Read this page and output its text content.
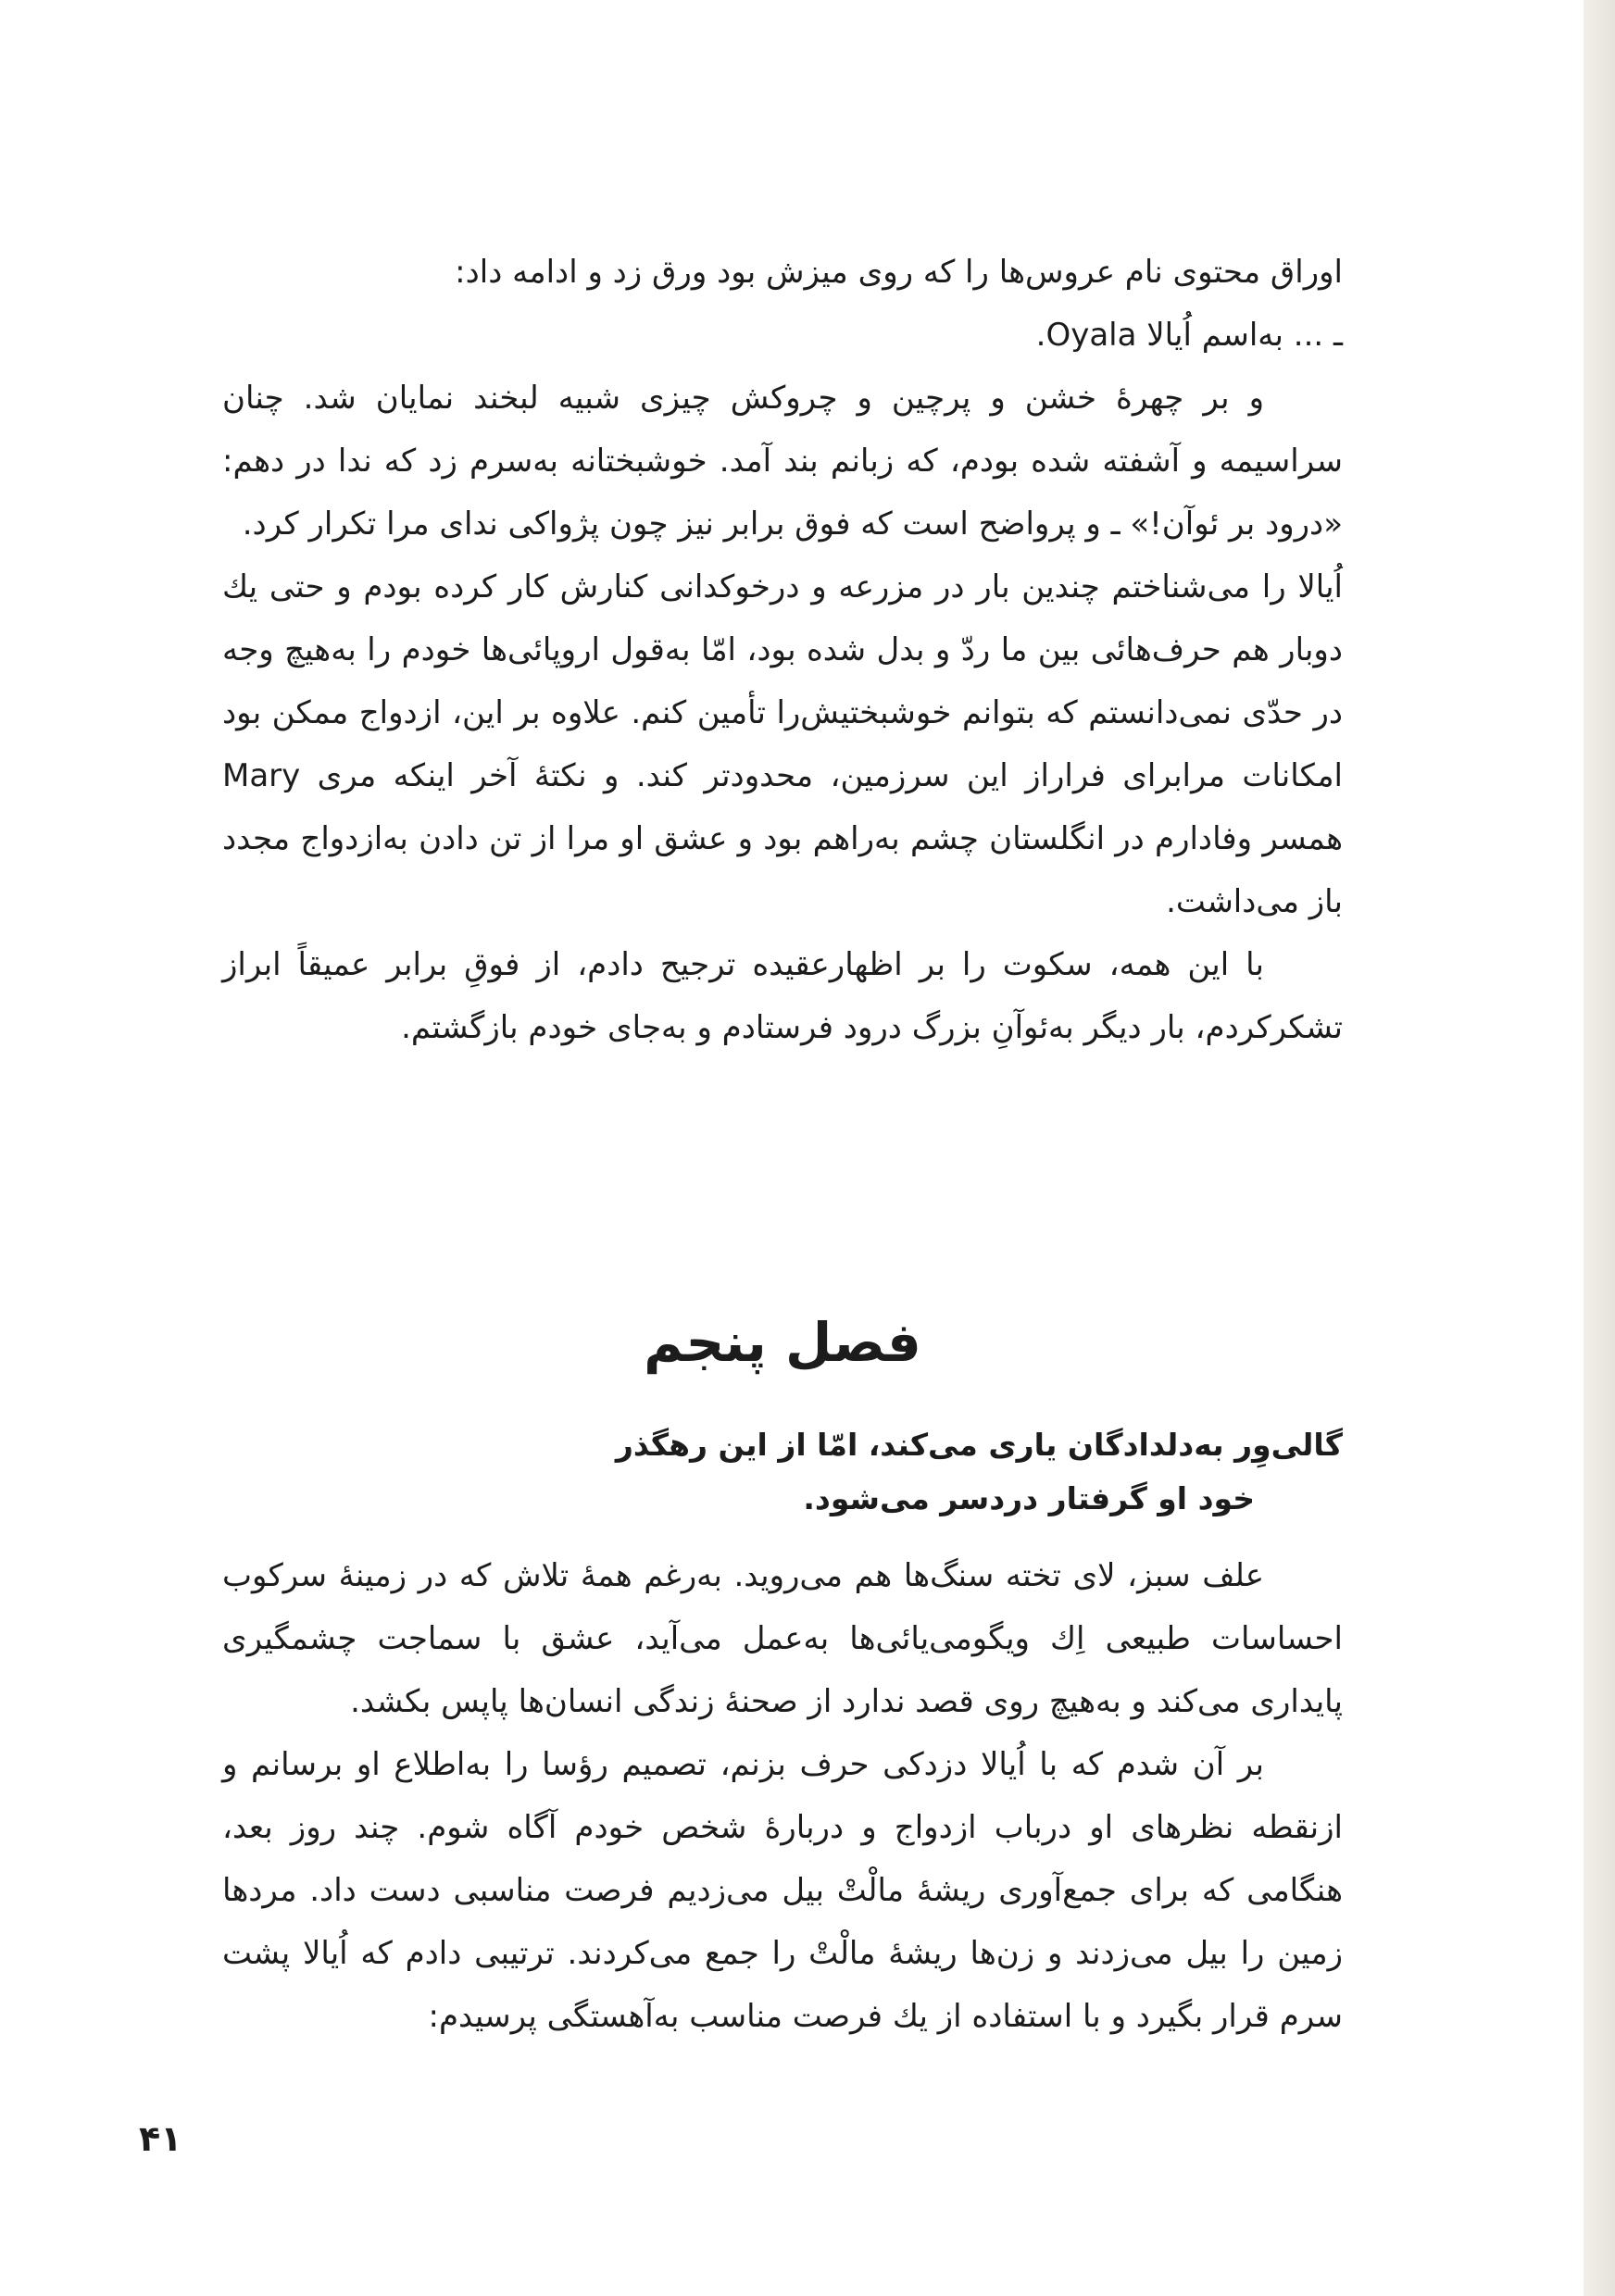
اوراق محتوی نام عروس‌ها را که روی میزش بود ورق زد و ادامه داد:

ـ ... به‌اسم اُیالا Oyala.

و بر چهرهٔ خشن و پرچین و چروکش چیزی شبیه لبخند نمایان شد. چنان سراسیمه و آشفته شده بودم، که زبانم بند آمد. خوشبختانه به‌سرم زد که ندا در دهم: «درود بر ئوآن!» ـ و پرواضح است که فوق برابر نیز چون پژواکی ندای مرا تکرار کرد.

اُیالا را می‌شناختم چندین بار در مزرعه و درخوکدانی کنارش کار کرده بودم و حتی یك دوبار هم حرف‌هائی بین ما ردّ و بدل شده بود، امّا به‌قول اروپائی‌ها خودم را به‌هیچ وجه در حدّی نمی‌دانستم که بتوانم خوشبختیش‌را تأمین کنم. علاوه بر این، ازدواج ممکن بود امکانات مرابرای فراراز این سرزمین، محدودتر کند. و نکتهٔ آخر اینکه مری Mary همسر وفادارم در انگلستان چشم به‌راهم بود و عشق او مرا از تن دادن به‌ازدواج مجدد باز می‌داشت.

با این همه، سکوت را بر اظهارعقیده ترجیح دادم، از فوقِ برابر عمیقاً ابراز تشکرکردم، بار دیگر به‌ئوآنِ بزرگ درود فرستادم و به‌جای خودم بازگشتم.

فصل پنجم

گالی‌وِر به‌دلدادگان یاری می‌کند، امّا از این رهگذر

خود او گرفتار دردسر می‌شود.

علف سبز، لای تخته سنگ‌ها هم می‌روید. به‌رغم همهٔ تلاش که در زمینهٔ سرکوب احساسات طبیعی اِك ویگومی‌یائی‌ها به‌عمل می‌آید، عشق با سماجت چشمگیری پایداری می‌کند و به‌هیچ روی قصد ندارد از صحنهٔ زندگی انسان‌ها پاپس بکشد.

بر آن شدم که با اُیالا دزدکی حرف بزنم، تصمیم رؤسا را به‌اطلاع او برسانم و ازنقطه نظرهای او درباب ازدواج و دربارهٔ شخص خودم آگاه شوم. چند روز بعد، هنگامی که برای جمع‌آوری ریشهٔ مالْتْ بیل می‌زدیم فرصت مناسبی دست داد. مردها زمین را بیل می‌زدند و زن‌ها ریشهٔ مالْتْ را جمع می‌کردند. ترتیبی دادم که اُیالا پشت سرم قرار بگیرد و با استفاده از یك فرصت مناسب به‌آهستگی پرسیدم:

۴۱
